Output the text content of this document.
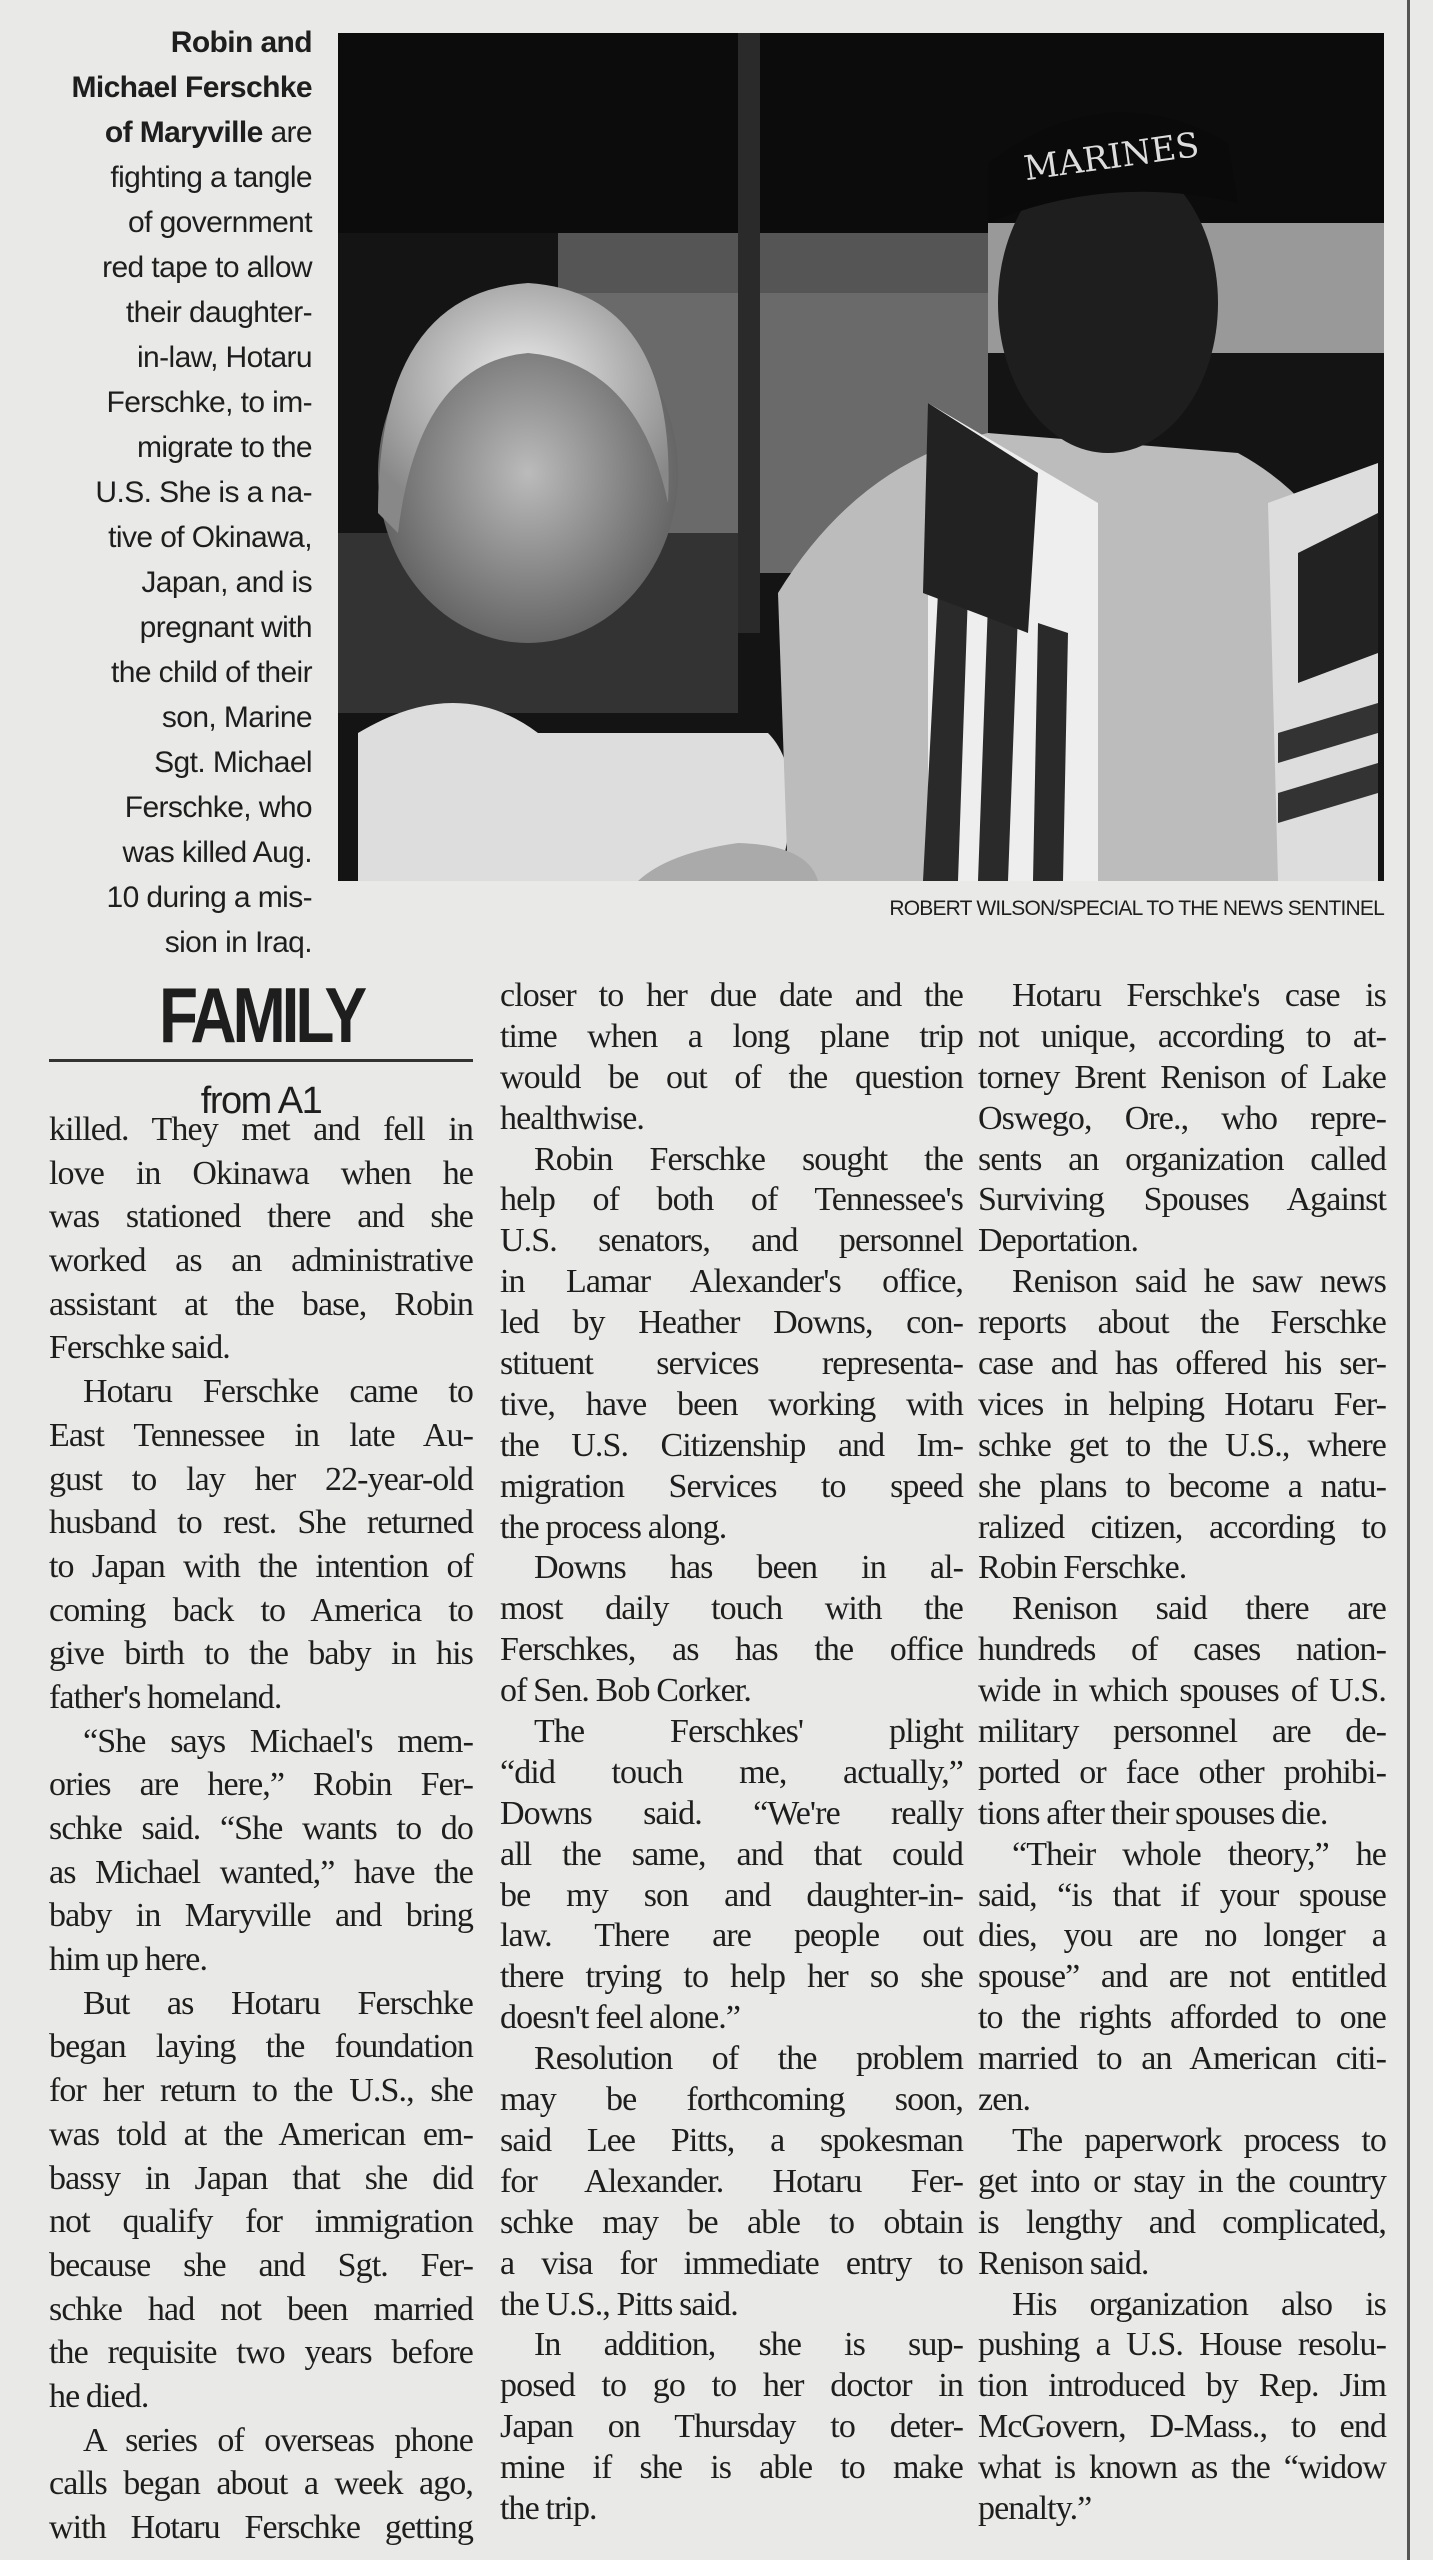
Robin and
Michael Ferschke
of Maryville are
fighting a tangle
of government
red tape to allow
their daughter-
in-law, Hotaru
Ferschke, to im-
migrate to the
U.S. She is a na-
tive of Okinawa,
Japan, and is
pregnant with
the child of their
son, Marine
Sgt. Michael
Ferschke, who
was killed Aug.
10 during a mis-
sion in Iraq.
MARINES
ROBERT WILSON/SPECIAL TO THE NEWS SENTINEL
FAMILY
from A1
killed. They met and fell in
love in Okinawa when he
was stationed there and she
worked as an administrative
assistant at the base, Robin
Ferschke said.
Hotaru Ferschke came to
East Tennessee in late Au-
gust to lay her 22-year-old
husband to rest. She returned
to Japan with the intention of
coming back to America to
give birth to the baby in his
father's homeland.
“She says Michael's mem-
ories are here,” Robin Fer-
schke said. “She wants to do
as Michael wanted,” have the
baby in Maryville and bring
him up here.
But as Hotaru Ferschke
began laying the foundation
for her return to the U.S., she
was told at the American em-
bassy in Japan that she did
not qualify for immigration
because she and Sgt. Fer-
schke had not been married
the requisite two years before
he died.
A series of overseas phone
calls began about a week ago,
with Hotaru Ferschke getting
closer to her due date and the
time when a long plane trip
would be out of the question
healthwise.
Robin Ferschke sought the
help of both of Tennessee's
U.S. senators, and personnel
in Lamar Alexander's office,
led by Heather Downs, con-
stituent services representa-
tive, have been working with
the U.S. Citizenship and Im-
migration Services to speed
the process along.
Downs has been in al-
most daily touch with the
Ferschkes, as has the office
of Sen. Bob Corker.
The Ferschkes' plight
“did touch me, actually,”
Downs said. “We're really
all the same, and that could
be my son and daughter-in-
law. There are people out
there trying to help her so she
doesn't feel alone.”
Resolution of the problem
may be forthcoming soon,
said Lee Pitts, a spokesman
for Alexander. Hotaru Fer-
schke may be able to obtain
a visa for immediate entry to
the U.S., Pitts said.
In addition, she is sup-
posed to go to her doctor in
Japan on Thursday to deter-
mine if she is able to make
the trip.
Hotaru Ferschke's case is
not unique, according to at-
torney Brent Renison of Lake
Oswego, Ore., who repre-
sents an organization called
Surviving Spouses Against
Deportation.
Renison said he saw news
reports about the Ferschke
case and has offered his ser-
vices in helping Hotaru Fer-
schke get to the U.S., where
she plans to become a natu-
ralized citizen, according to
Robin Ferschke.
Renison said there are
hundreds of cases nation-
wide in which spouses of U.S.
military personnel are de-
ported or face other prohibi-
tions after their spouses die.
“Their whole theory,” he
said, “is that if your spouse
dies, you are no longer a
spouse” and are not entitled
to the rights afforded to one
married to an American citi-
zen.
The paperwork process to
get into or stay in the country
is lengthy and complicated,
Renison said.
His organization also is
pushing a U.S. House resolu-
tion introduced by Rep. Jim
McGovern, D-Mass., to end
what is known as the “widow
penalty.”
